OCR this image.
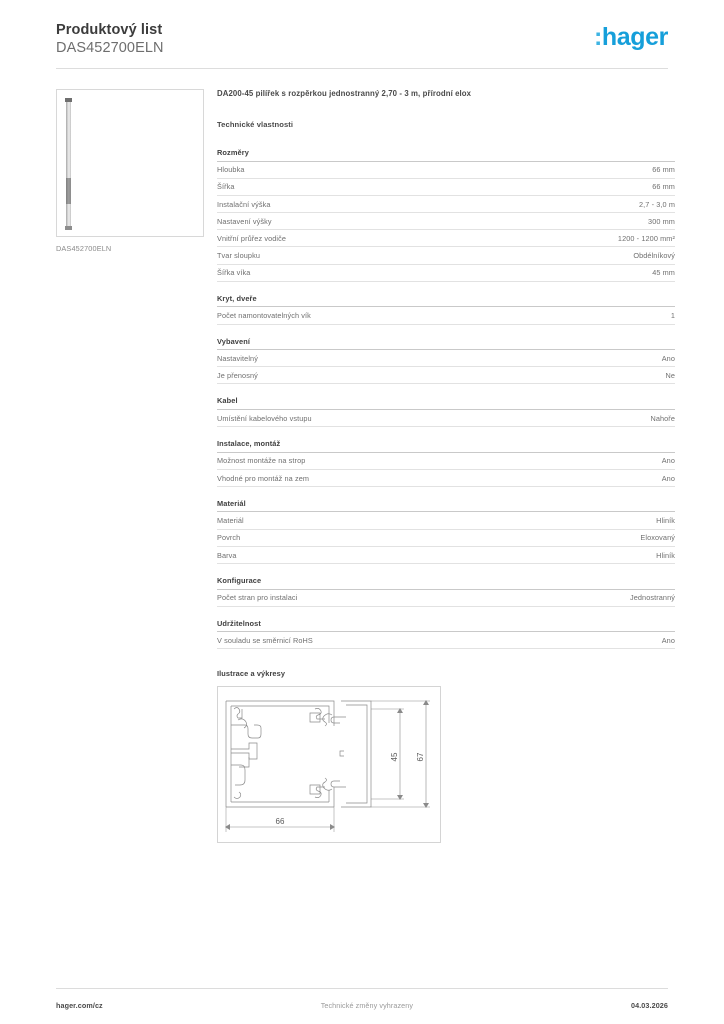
Produktový list
DAS452700ELN	:hager
DAS452700ELN
DA200-45 pilířek s rozpěrkou jednostranný 2,70 - 3 m, přírodní elox
Technické vlastnosti
Rozměry
Hloubka	66 mm
Šířka	66 mm
Instalační výška	2,7 - 3,0 m
Nastavení výšky	300 mm
Vnitřní průřez vodiče	1200 - 1200 mm²
Tvar sloupku	Obdélníkový
Šířka víka	45 mm
Kryt, dveře
Počet namontovatelných vík	1
Vybavení
Nastavitelný	Ano
Je přenosný	Ne
Kabel
Umístění kabelového vstupu	Nahoře
Instalace, montáž
Možnost montáže na strop	Ano
Vhodné pro montáž na zem	Ano
Materiál
Materiál	Hliník
Povrch	Eloxovaný
Barva	Hliník
Konfigurace
Počet stran pro instalaci	Jednostranný
Udržitelnost
V souladu se směrnicí RoHS	Ano
Ilustrace a výkresy
45 67
66
hager.com/cz	Technické změny vyhrazeny	04.03.2026
